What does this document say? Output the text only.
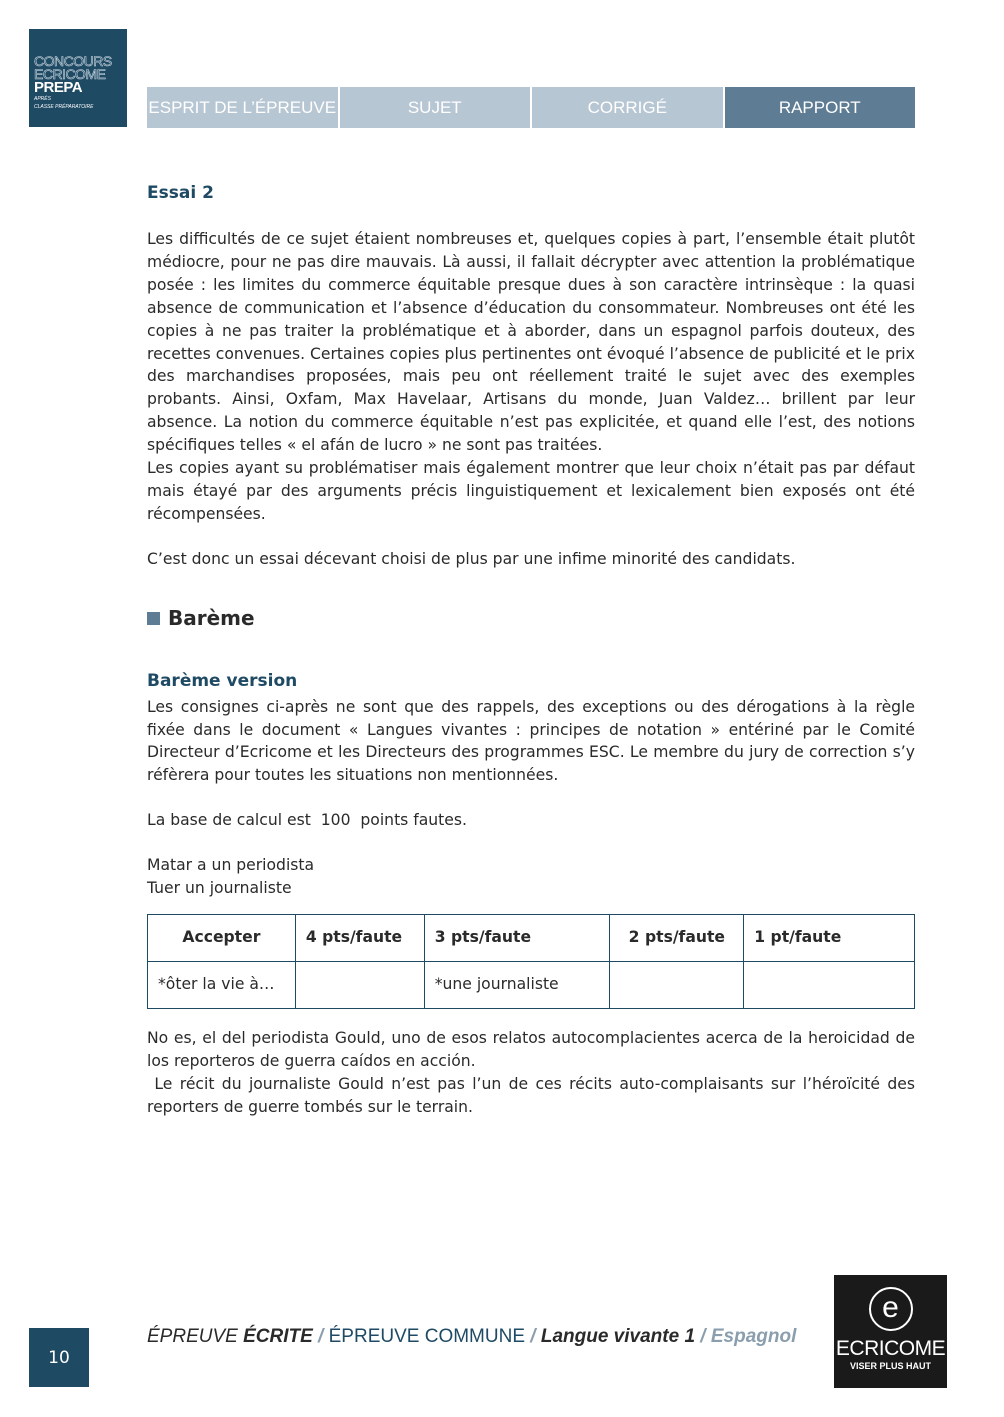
CONCOURS
ECRICOME
PREPA
APRÈS
CLASSE PRÉPARATOIRE	ESPRIT DE L’ÉPREUVE	SUJET	CORRIGÉ	RAPPORT
Essai 2

Les difficultés de ce sujet étaient nombreuses et, quelques copies à part, l’ensemble était plutôt médiocre, pour ne pas dire mauvais. Là aussi, il fallait décrypter avec attention la problématique posée : les limites du commerce équitable presque dues à son caractère intrinsèque : la quasi absence de communication et l’absence d’éducation du consommateur. Nombreuses ont été les copies à ne pas traiter la problématique et à aborder, dans un espagnol parfois douteux, des recettes convenues. Certaines copies plus pertinentes ont évoqué l’absence de publicité et le prix des marchandises proposées, mais peu ont réellement traité le sujet avec des exemples probants. Ainsi, Oxfam, Max Havelaar, Artisans du monde, Juan Valdez… brillent par leur absence. La notion du commerce équitable n’est pas explicitée, et quand elle l’est, des notions spécifiques telles « el afán de lucro » ne sont pas traitées.

Les copies ayant su problématiser mais également montrer que leur choix n’était pas par défaut mais étayé par des arguments précis linguistiquement et lexicalement bien exposés ont été récompensées.

C’est donc un essai décevant choisi de plus par une infime minorité des candidats.

Barème
Barème version

Les consignes ci-après ne sont que des rappels, des exceptions ou des dérogations à la règle fixée dans le document « Langues vivantes : principes de notation » entériné par le Comité Directeur d’Ecricome et les Directeurs des programmes ESC. Le membre du jury de correction s’y réfèrera pour toutes les situations non mentionnées.

La base de calcul est  100  points fautes.

Matar a un periodista

Tuer un journaliste

Accepter	4 pts/faute	3 pts/faute	2 pts/faute	1 pt/faute
*ôter la vie à…		*une journaliste		

No es, el del periodista Gould, uno de esos relatos autocomplacientes acerca de la heroicidad de los reporteros de guerra caídos en acción.

Le récit du journaliste Gould n’est pas l’un de ces récits auto-complaisants sur l’héroïcité des reporters de guerre tombés sur le terrain.

10
ÉPREUVE ÉCRITE / ÉPREUVE COMMUNE / Langue vivante 1 / Espagnol
e
ECRICOME
VISER PLUS HAUT
